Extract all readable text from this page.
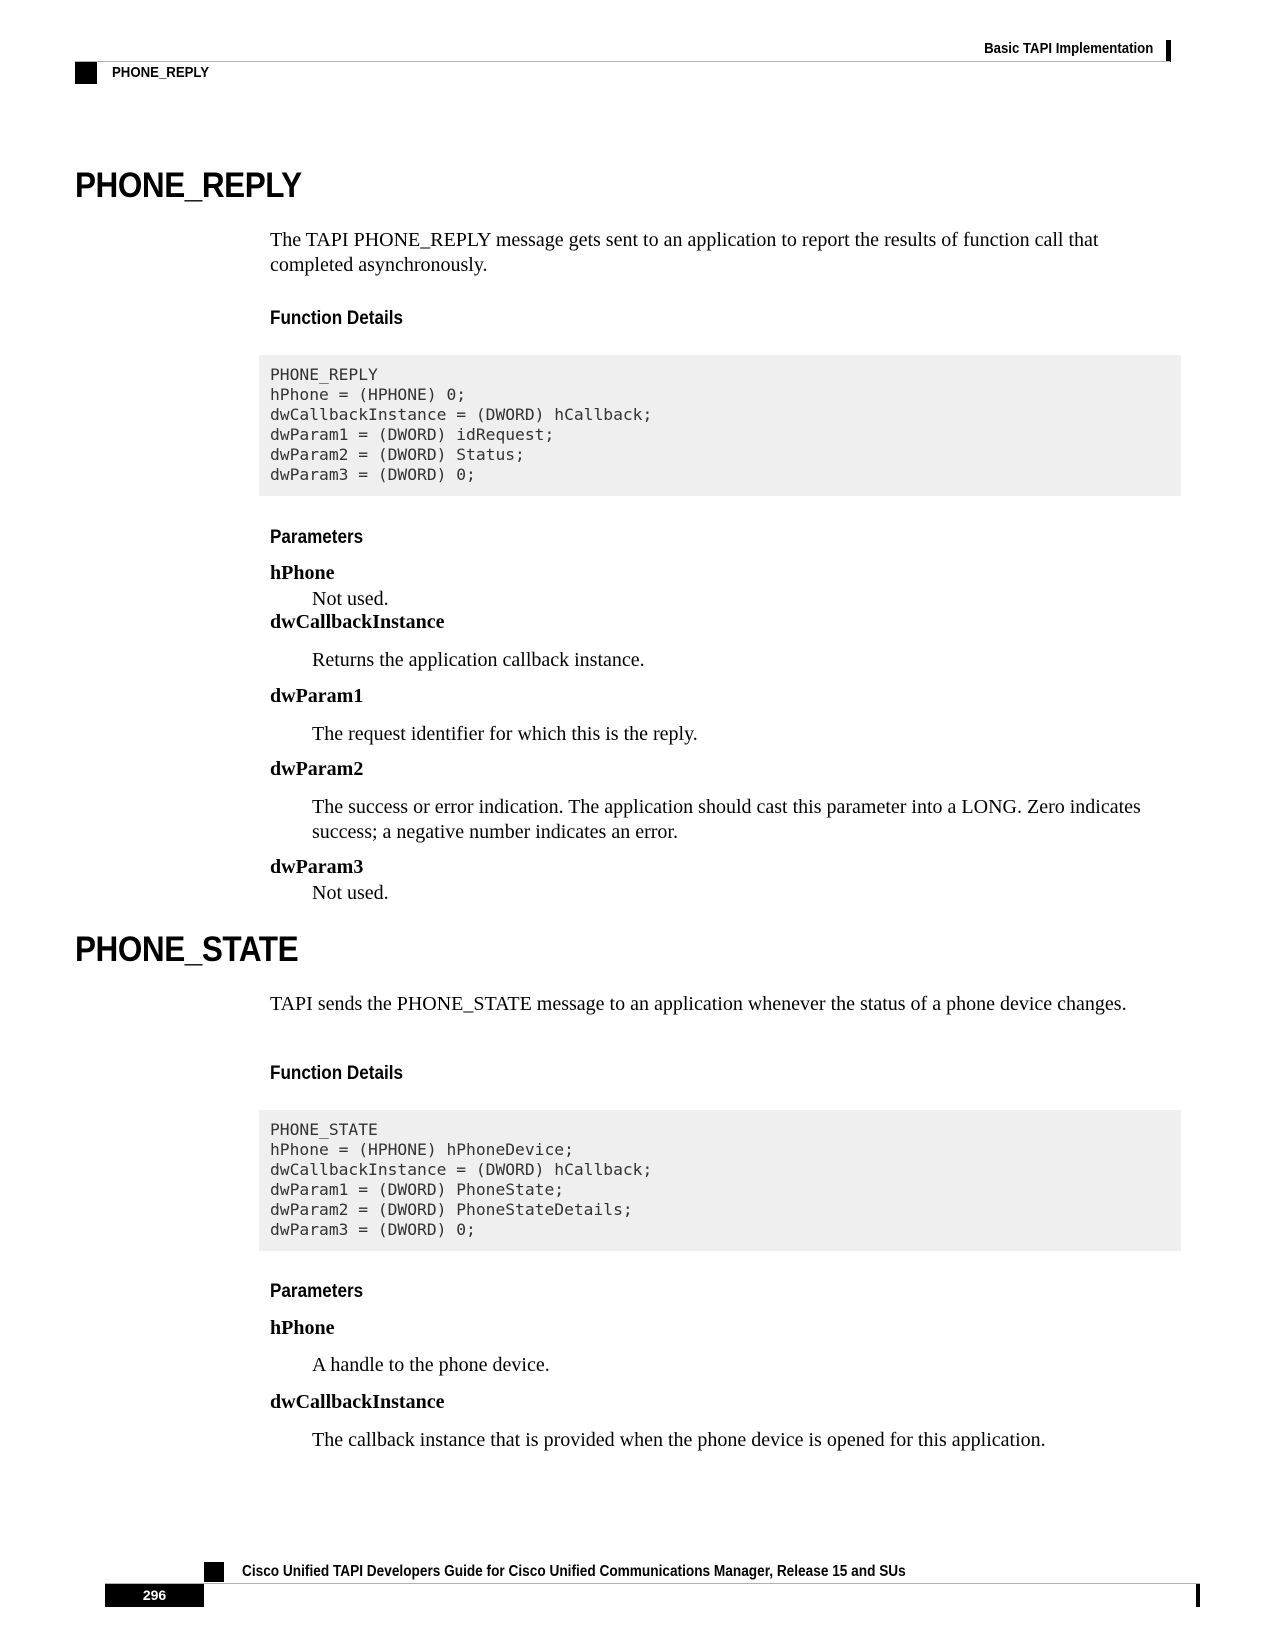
Basic TAPI Implementation
PHONE_REPLY
PHONE_REPLY

The TAPI PHONE_REPLY message gets sent to an application to report the results of function call that completed asynchronously.

Function Details
PHONE_REPLY
hPhone = (HPHONE) 0;
dwCallbackInstance = (DWORD) hCallback;
dwParam1 = (DWORD) idRequest;
dwParam2 = (DWORD) Status;
dwParam3 = (DWORD) 0;
Parameters

hPhone

Not used.

dwCallbackInstance

Returns the application callback instance.

dwParam1

The request identifier for which this is the reply.

dwParam2

The success or error indication. The application should cast this parameter into a LONG. Zero indicates success; a negative number indicates an error.

dwParam3

Not used.

PHONE_STATE

TAPI sends the PHONE_STATE message to an application whenever the status of a phone device changes.

Function Details
PHONE_STATE
hPhone = (HPHONE) hPhoneDevice;
dwCallbackInstance = (DWORD) hCallback;
dwParam1 = (DWORD) PhoneState;
dwParam2 = (DWORD) PhoneStateDetails;
dwParam3 = (DWORD) 0;
Parameters

hPhone

A handle to the phone device.

dwCallbackInstance

The callback instance that is provided when the phone device is opened for this application.

Cisco Unified TAPI Developers Guide for Cisco Unified Communications Manager, Release 15 and SUs
296
